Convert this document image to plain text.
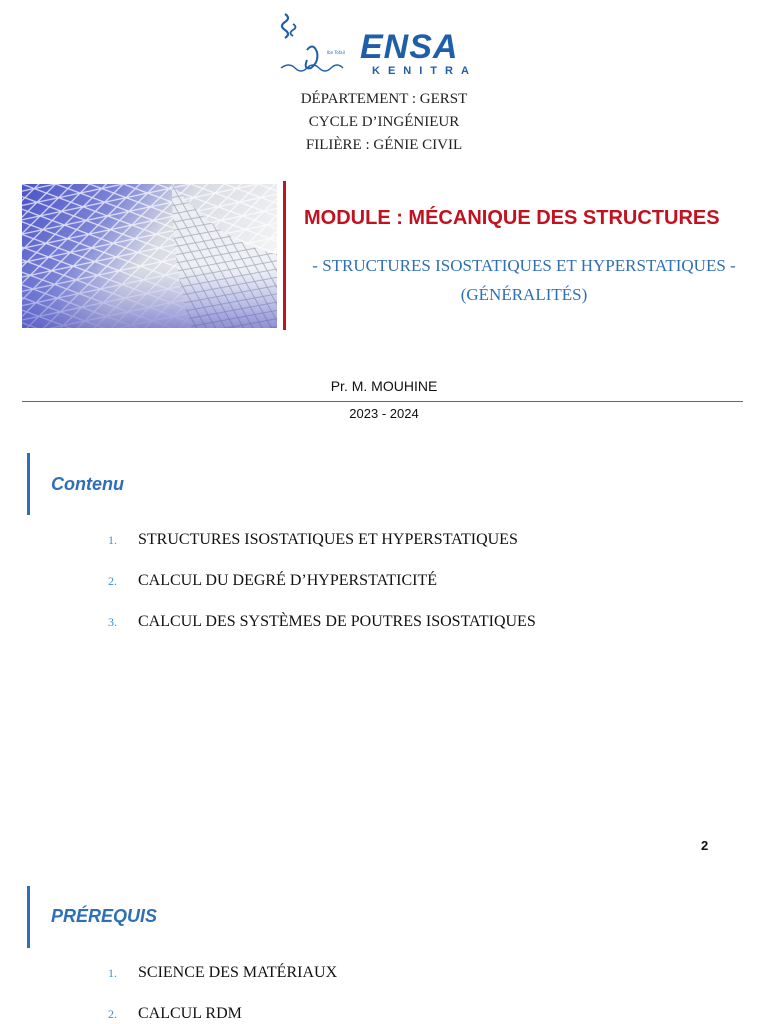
Ibn Tofail ENSA
KENITRA
DÉPARTEMENT : GERST
CYCLE D’INGÉNIEUR
FILIÈRE : GÉNIE CIVIL
MODULE : MÉCANIQUE DES STRUCTURES
- STRUCTURES ISOSTATIQUES ET HYPERSTATIQUES -
(GÉNÉRALITÉS)
Pr. M. MOUHINE
2023 - 2024
Contenu
1. STRUCTURES ISOSTATIQUES ET HYPERSTATIQUES
2. CALCUL DU DEGRÉ D’HYPERSTATICITÉ
3. CALCUL DES SYSTÈMES DE POUTRES ISOSTATIQUES
2
PRÉREQUIS
1. SCIENCE DES MATÉRIAUX
2. CALCUL RDM
